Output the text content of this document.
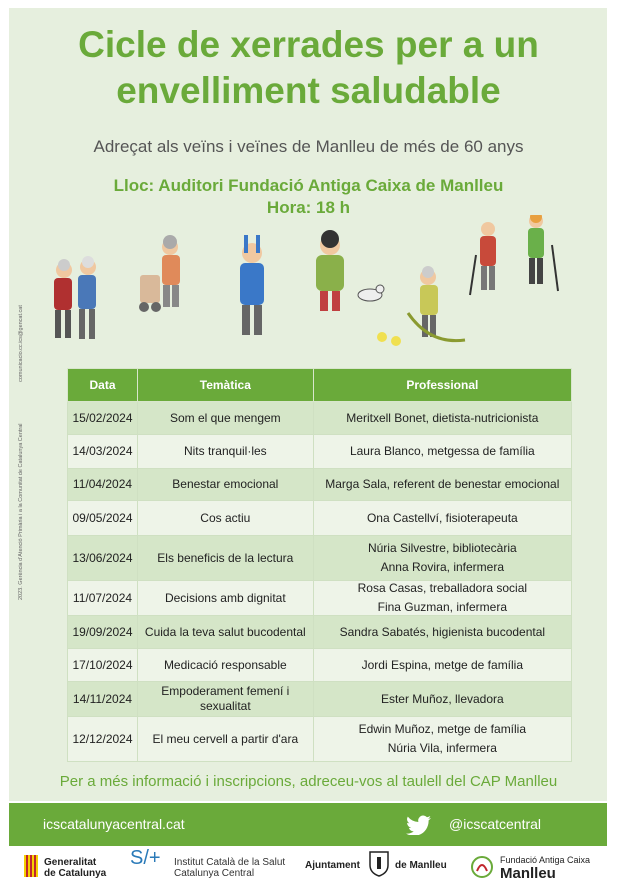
Cicle de xerrades per a un envelliment saludable
Adreçat als veïns i veïnes de Manlleu de més de 60 anys
Lloc: Auditori Fundació Antiga Caixa de Manlleu
Hora: 18 h
2023. Gerència d'Atenció Primària i a la Comunitat de Catalunya Central comunicacio.cc.ics@gencat.cat
Data	Temàtica	Professional
15/02/2024	Som el que mengem	Meritxell Bonet, dietista-nutricionista

14/03/2024	Nits tranquil·les	Laura Blanco, metgessa de família

11/04/2024	Benestar emocional	Marga Sala, referent de benestar emocional

09/05/2024	Cos actiu	Ona Castellví, fisioterapeuta

13/06/2024	Els beneficis de la lectura	Núria Silvestre, bibliotecària
Anna Rovira, infermera

11/07/2024	Decisions amb dignitat	Rosa Casas, treballadora social
Fina Guzman, infermera

19/09/2024	Cuida la teva salut bucodental	Sandra Sabatés, higienista bucodental

17/10/2024	Medicació responsable	Jordi Espina, metge de família

14/11/2024	Empoderament femení i sexualitat	Ester Muñoz, llevadora

12/12/2024	El meu cervell a partir d'ara	Edwin Muñoz, metge de família
Núria Vila, infermera
Per a més informació i inscripcions, adreceu-vos al taulell del CAP Manlleu
icscatalunyacentral.cat	@icscatcentral
Generalitat
de Catalunya
S/+ Institut Català de la Salut
Catalunya Central
Ajuntament	de Manlleu	Fundació Antiga Caixa
Manlleu
